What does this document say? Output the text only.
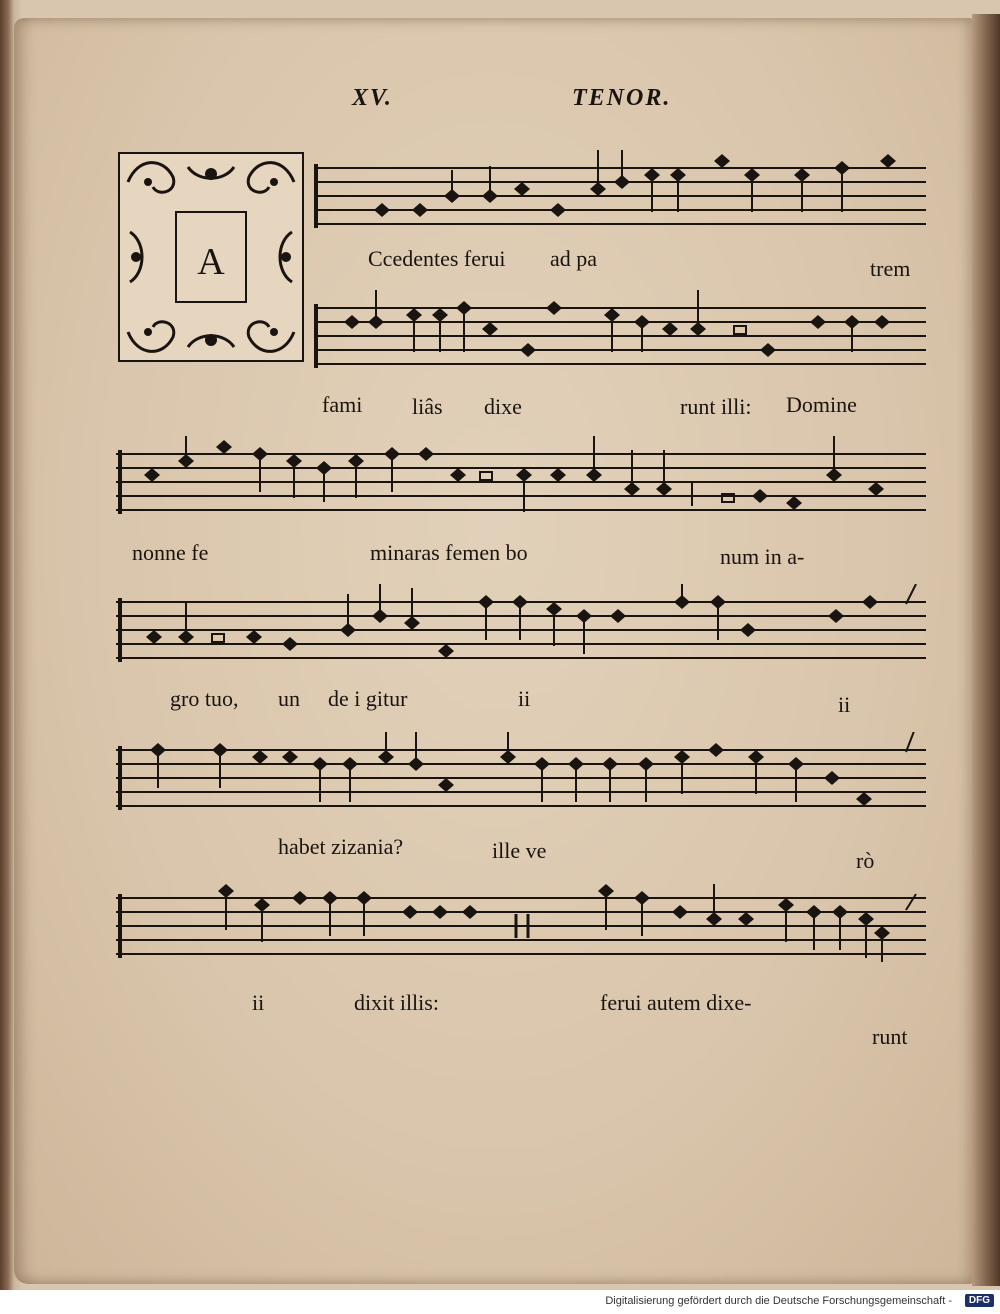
XV.	TENOR.
A	Ccedentes ferui ad pa	trem
fami liâs dixe	runt illi: Domine
nonne fe	minaras femen bo	num in a-
gro tuo, un de i gitur	ii	ii
habet zizania?	ille ve	rò
ii	dixit illis:	ferui autem dixe-
runt
Digitalisierung gefördert durch die Deutsche Forschungsgemeinschaft -	DFG
